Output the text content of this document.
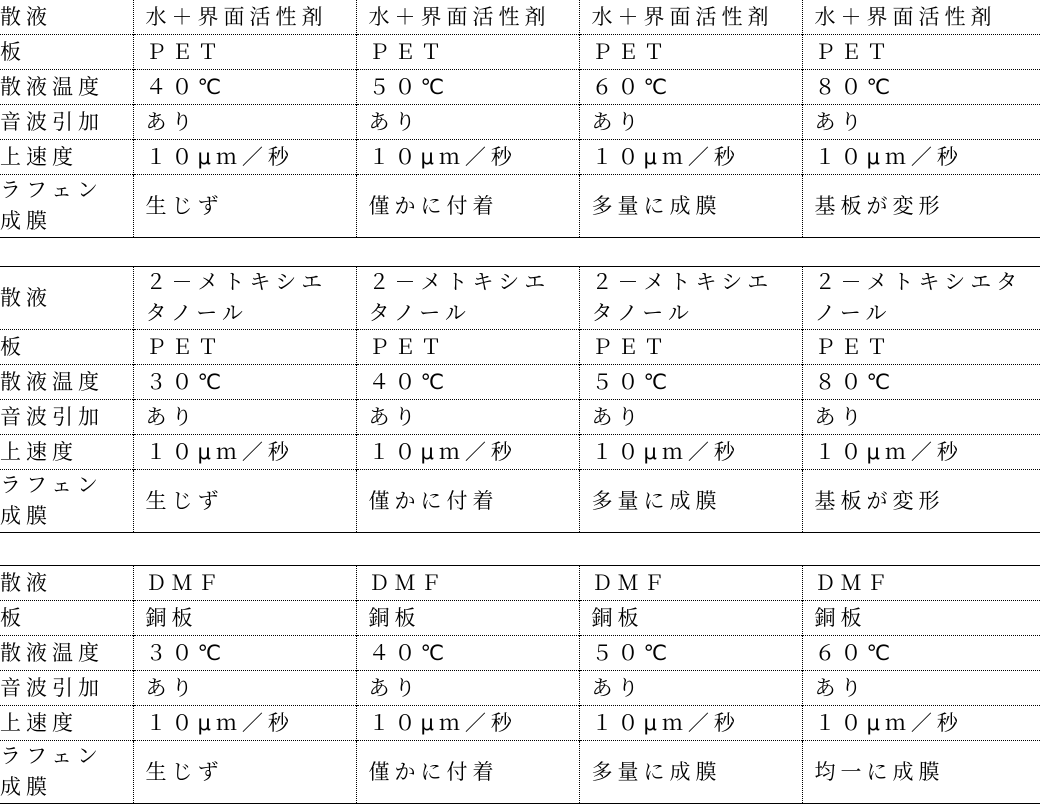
散液	水＋界面活性剤	水＋界面活性剤	水＋界面活性剤	水＋界面活性剤
板	ＰＥＴ	ＰＥＴ	ＰＥＴ	ＰＥＴ
散液温度	４０℃	５０℃	６０℃	８０℃
音波引加	あり	あり	あり	あり
上速度	１０μｍ／秒	１０μｍ／秒	１０μｍ／秒	１０μｍ／秒
ラフェン成膜	生じず	僅かに付着	多量に成膜	基板が変形
散液	２－メトキシエタノール	２－メトキシエタノール	２－メトキシエタノール	２－メトキシエタノール
板	ＰＥＴ	ＰＥＴ	ＰＥＴ	ＰＥＴ
散液温度	３０℃	４０℃	５０℃	８０℃
音波引加	あり	あり	あり	あり
上速度	１０μｍ／秒	１０μｍ／秒	１０μｍ／秒	１０μｍ／秒
ラフェン成膜	生じず	僅かに付着	多量に成膜	基板が変形
散液	ＤＭＦ	ＤＭＦ	ＤＭＦ	ＤＭＦ
板	銅板	銅板	銅板	銅板
散液温度	３０℃	４０℃	５０℃	６０℃
音波引加	あり	あり	あり	あり
上速度	１０μｍ／秒	１０μｍ／秒	１０μｍ／秒	１０μｍ／秒
ラフェン成膜	生じず	僅かに付着	多量に成膜	均一に成膜
